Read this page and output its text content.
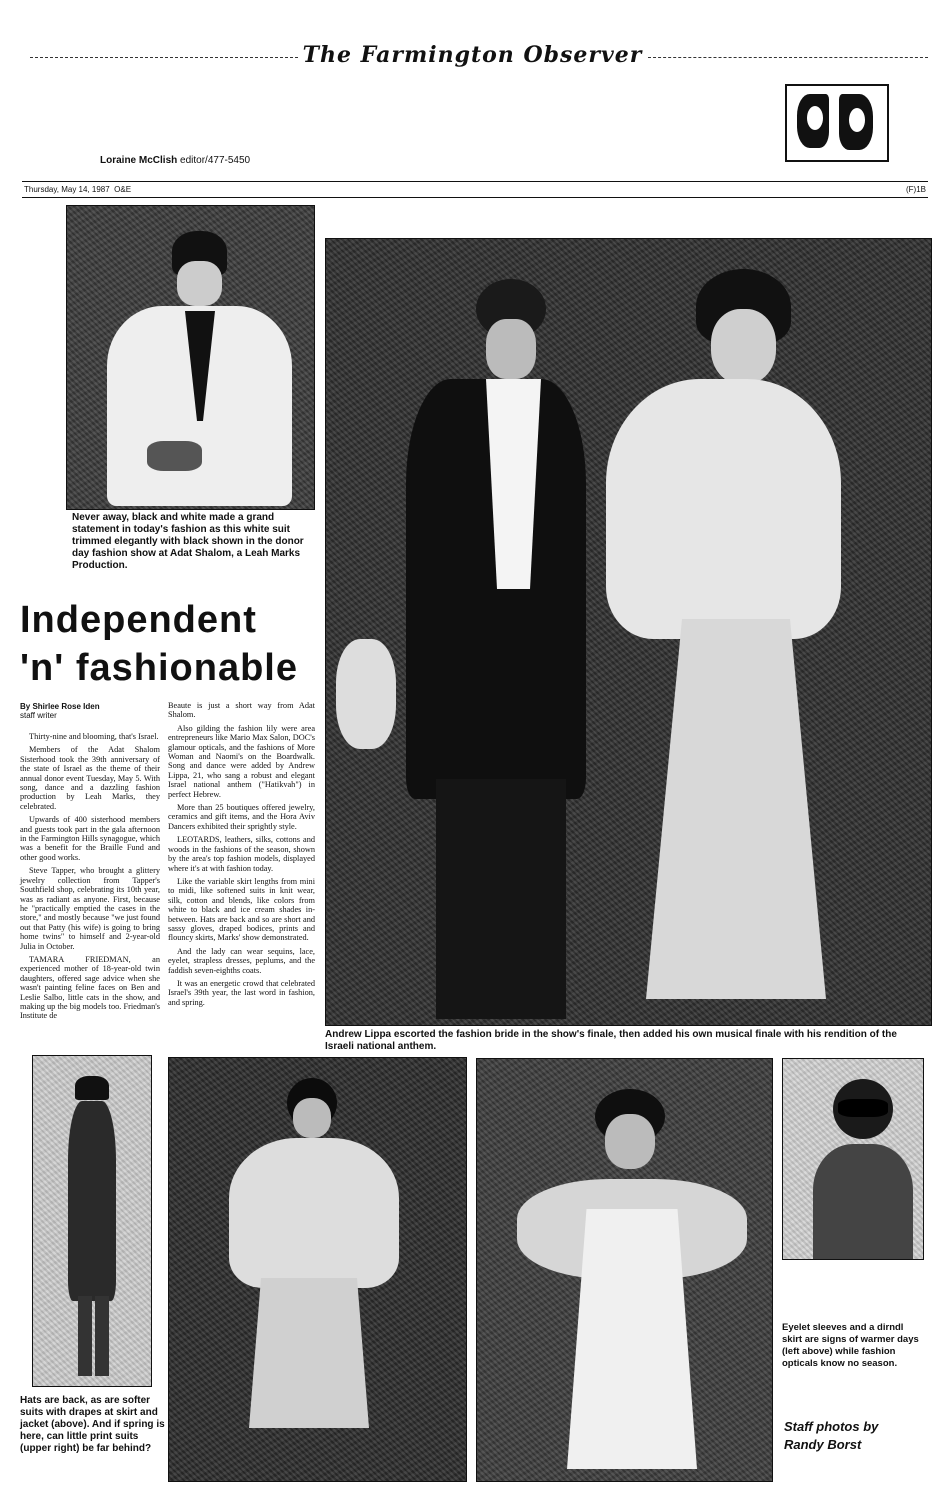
The Farmington Observer
Loraine McClish editor/477-5450
Thursday, May 14, 1987 O&E	(F)1B
Never away, black and white made a grand statement in today's fashion as this white suit trimmed elegantly with black shown in the donor day fashion show at Adat Shalom, a Leah Marks Production.
Andrew Lippa escorted the fashion bride in the show's finale, then added his own musical finale with his rendition of the Israeli national anthem.
Independent
'n' fashionable
By Shirlee Rose Iden
staff writer

Thirty-nine and blooming, that's Israel.

Members of the Adat Shalom Sisterhood took the 39th anniversary of the state of Israel as the theme of their annual donor event Tuesday, May 5. With song, dance and a dazzling fashion production by Leah Marks, they celebrated.

Upwards of 400 sisterhood members and guests took part in the gala afternoon in the Farmington Hills synagogue, which was a benefit for the Braille Fund and other good works.

Steve Tapper, who brought a glittery jewelry collection from Tapper's Southfield shop, celebrating its 10th year, was as radiant as anyone. First, because he "practically emptied the cases in the store," and mostly because "we just found out that Patty (his wife) is going to bring home twins" to himself and 2-year-old Julia in October.

TAMARA FRIEDMAN, an experienced mother of 18-year-old twin daughters, offered sage advice when she wasn't painting feline faces on Ben and Leslie Salbo, little cats in the show, and making up the big models too. Friedman's Institute de

Beaute is just a short way from Adat Shalom.

Also gilding the fashion lily were area entrepreneurs like Mario Max Salon, DOC's glamour opticals, and the fashions of More Woman and Naomi's on the Boardwalk. Song and dance were added by Andrew Lippa, 21, who sang a robust and elegant Israel national anthem ("Hatikvah") in perfect Hebrew.

More than 25 boutiques offered jewelry, ceramics and gift items, and the Hora Aviv Dancers exhibited their sprightly style.

LEOTARDS, leathers, silks, cottons and woods in the fashions of the season, shown by the area's top fashion models, displayed where it's at with fashion today.

Like the variable skirt lengths from mini to midi, like softened suits in knit wear, silk, cotton and blends, like colors from white to black and ice cream shades in-between. Hats are back and so are short and sassy gloves, draped bodices, prints and flouncy skirts, Marks' show demonstrated.

And the lady can wear sequins, lace, eyelet, strapless dresses, peplums, and the faddish seven-eighths coats.

It was an energetic crowd that celebrated Israel's 39th year, the last word in fashion, and spring.

Hats are back, as are softer suits with drapes at skirt and jacket (above). And if spring is here, can little print suits (upper right) be far behind?
Eyelet sleeves and a dirndl skirt are signs of warmer days (left above) while fashion opticals know no season.
Staff photos by
Randy Borst
